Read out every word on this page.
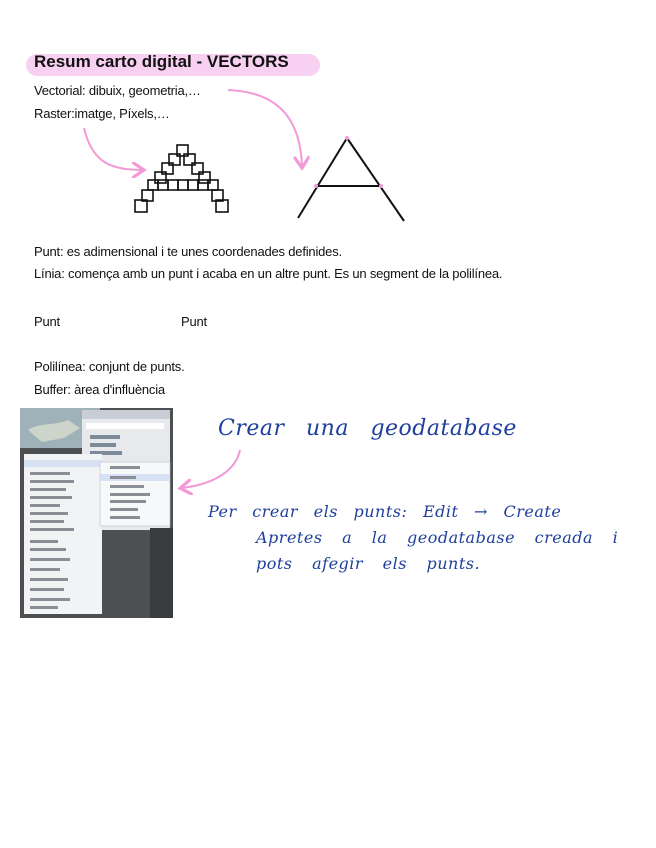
Resum carto digital - VECTORS
Vectorial: dibuix, geometria,…
Raster:imatge, Píxels,…
Punt: es adimensional i te unes coordenades definides.
Línia: comença amb un punt i acaba en un altre punt. Es un segment de la polilínea.
Punt	Punt
Polilínea: conjunt de punts.
Buffer: àrea d'influència
Crear una geodatabase
Per crear els punts: Edit → Create
Apretes a la geodatabase creada i
pots afegir els punts.
